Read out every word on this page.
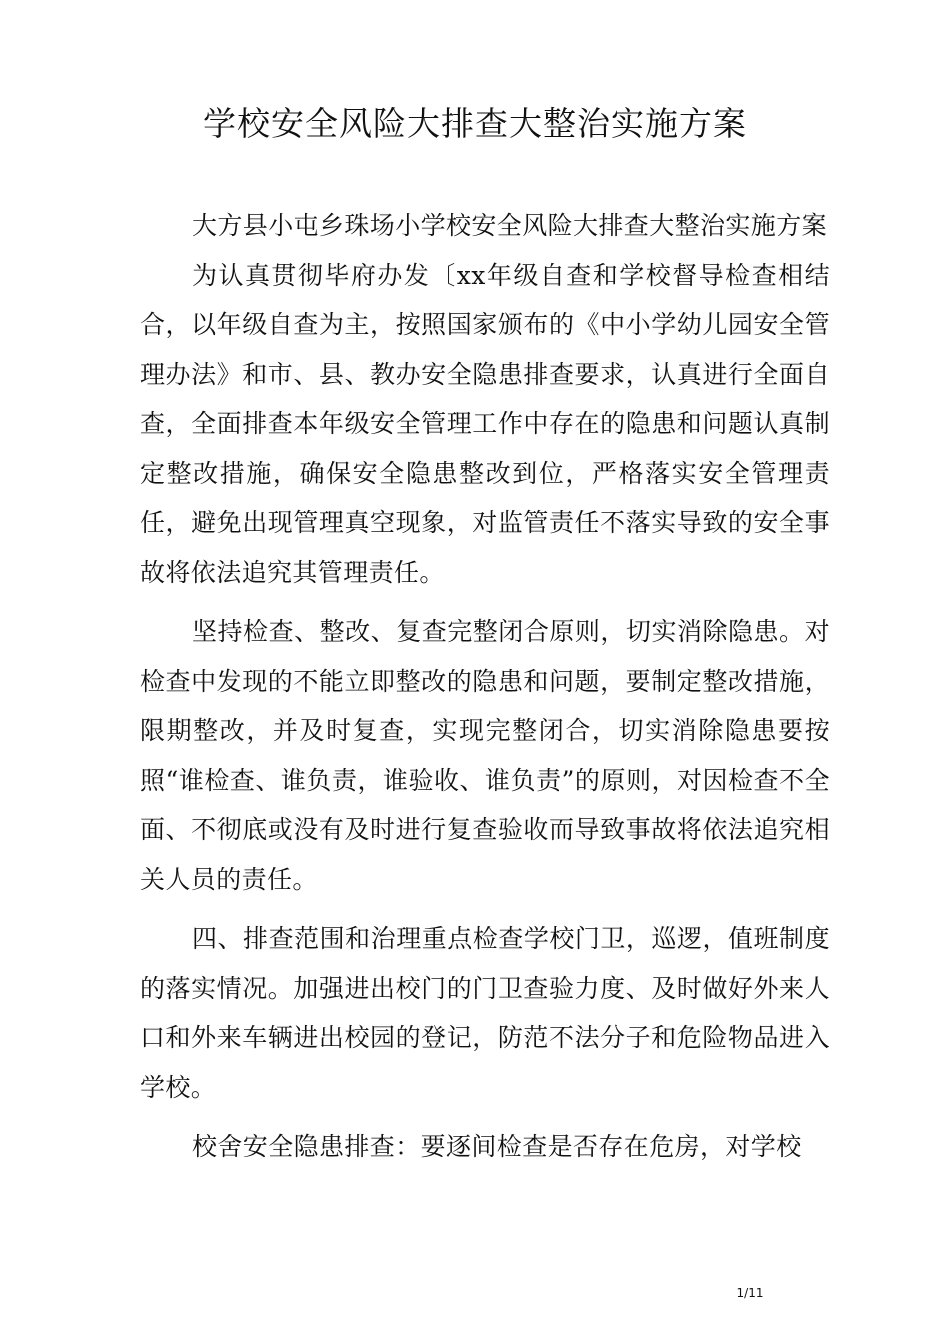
学校安全风险大排查大整治实施方案

大方县小屯乡珠场小学校安全风险大排查大整治实施方案

为认真贯彻毕府办发〔xx年级自查和学校督导检查相结合，以年级自查为主，按照国家颁布的《中小学幼儿园安全管理办法》和市、县、教办安全隐患排查要求，认真进行全面自查，全面排查本年级安全管理工作中存在的隐患和问题认真制定整改措施，确保安全隐患整改到位，严格落实安全管理责任，避免出现管理真空现象，对监管责任不落实导致的安全事故将依法追究其管理责任。

坚持检查、整改、复查完整闭合原则，切实消除隐患。对检查中发现的不能立即整改的隐患和问题，要制定整改措施，限期整改，并及时复查，实现完整闭合，切实消除隐患要按照“谁检查、谁负责，谁验收、谁负责”的原则，对因检查不全面、不彻底或没有及时进行复查验收而导致事故将依法追究相关人员的责任。

四、排查范围和治理重点检查学校门卫，巡逻，值班制度的落实情况。加强进出校门的门卫查验力度、及时做好外来人口和外来车辆进出校园的登记，防范不法分子和危险物品进入学校。

校舍安全隐患排查：要逐间检查是否存在危房，对学校

1/11
